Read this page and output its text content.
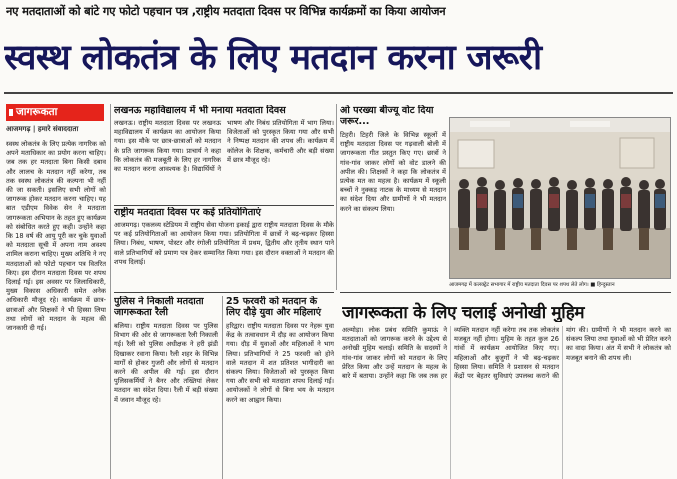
नए मतदाताओं को बांटे गए फोटो पहचान पत्र ,राष्ट्रीय मतदाता दिवस पर विभिन्न कार्यक्रमों का किया आयोजन
स्वस्थ लोकतंत्र के लिए मतदान करना जरूरी
जागरूकता
आजमगढ़ | हमारे संवाददाता
स्वस्थ लोकतंत्र के लिए प्रत्येक नागरिक को अपने मताधिकार का प्रयोग करना चाहिए। जब तक हर मतदाता बिना किसी दबाव और लालच के मतदान नहीं करेगा, तब तक स्वस्थ लोकतंत्र की कल्पना भी नहीं की जा सकती। इसलिए सभी लोगों को जागरूक होकर मतदान करना चाहिए। यह बात एडीएम विवेक सेन ने मतदाता जागरूकता अभियान के तहत हुए कार्यक्रम को संबोधित करते हुए कही। उन्होंने कहा कि 18 वर्ष की आयु पूरी कर चुके युवाओं को मतदाता सूची में अपना नाम अवश्य शामिल कराना चाहिए। मुख्य अतिथि ने नए मतदाताओं को फोटो पहचान पत्र वितरित किए। इस दौरान मतदाता दिवस पर शपथ दिलाई गई। इस अवसर पर जिलाधिकारी, मुख्य विकास अधिकारी समेत अनेक अधिकारी मौजूद रहे। कार्यक्रम में छात्र-छात्राओं और शिक्षकों ने भी हिस्सा लिया तथा लोगों को मतदान के महत्व की जानकारी दी गई।
लखनऊ महाविद्यालय में भी मनाया मतदाता दिवस
लखनऊ। राष्ट्रीय मतदाता दिवस पर लखनऊ महाविद्यालय में कार्यक्रम का आयोजन किया गया। इस मौके पर छात्र-छात्राओं को मतदान के प्रति जागरूक किया गया। प्राचार्य ने कहा कि लोकतंत्र की मजबूती के लिए हर नागरिक का मतदान करना आवश्यक है। विद्यार्थियों ने भाषण और निबंध प्रतियोगिता में भाग लिया। विजेताओं को पुरस्कृत किया गया और सभी ने निष्पक्ष मतदान की शपथ ली। कार्यक्रम में कॉलेज के शिक्षक, कर्मचारी और बड़ी संख्या में छात्र मौजूद रहे।
राष्ट्रीय मतदाता दिवस पर कई प्रतियोगिताएं
आजमगढ़। एकलव्य स्टेडियम में राष्ट्रीय सेवा योजना इकाई द्वारा राष्ट्रीय मतदाता दिवस के मौके पर कई प्रतियोगिताओं का आयोजन किया गया। प्रतियोगिता में छात्रों ने बढ़-चढ़कर हिस्सा लिया। निबंध, भाषण, पोस्टर और रंगोली प्रतियोगिता में प्रथम, द्वितीय और तृतीय स्थान पाने वाले प्रतिभागियों को प्रमाण पत्र देकर सम्मानित किया गया। इस दौरान वक्ताओं ने मतदान की शपथ दिलाई।
पुलिस ने निकाली मतदाता जागरूकता रैली
बलिया। राष्ट्रीय मतदाता दिवस पर पुलिस विभाग की ओर से जागरूकता रैली निकाली गई। रैली को पुलिस अधीक्षक ने हरी झंडी दिखाकर रवाना किया। रैली शहर के विभिन्न मार्गों से होकर गुजरी और लोगों से मतदान करने की अपील की गई। इस दौरान पुलिसकर्मियों ने बैनर और तख्तियां लेकर मतदान का संदेश दिया। रैली में बड़ी संख्या में जवान मौजूद रहे।
25 फरवरी को मतदान के लिए दौड़े युवा और महिलाएं
हरिद्वार। राष्ट्रीय मतदाता दिवस पर नेहरू युवा केंद्र के तत्वावधान में दौड़ का आयोजन किया गया। दौड़ में युवाओं और महिलाओं ने भाग लिया। प्रतिभागियों ने 25 फरवरी को होने वाले मतदान में शत प्रतिशत भागीदारी का संकल्प लिया। विजेताओं को पुरस्कृत किया गया और सभी को मतदाता शपथ दिलाई गई। आयोजकों ने लोगों से बिना भय के मतदान करने का आह्वान किया।
ओ परख्या बीज्यू वोट दिया जरूर...
टिहरी। टिहरी जिले के विभिन्न स्कूलों में राष्ट्रीय मतदाता दिवस पर गढ़वाली बोली में जागरूकता गीत प्रस्तुत किए गए। छात्रों ने गांव-गांव जाकर लोगों को वोट डालने की अपील की। शिक्षकों ने कहा कि लोकतंत्र में प्रत्येक मत का महत्व है। कार्यक्रम में स्कूली बच्चों ने नुक्कड़ नाटक के माध्यम से मतदान का संदेश दिया और ग्रामीणों ने भी मतदान करने का संकल्प लिया।
आजमगढ़ में कलक्ट्रेट सभागार में राष्ट्रीय मतदाता दिवस पर शपथ लेते लोग। ■ हिन्दुस्तान
जागरूकता के लिए चलाई अनोखी मुहिम
अल्मोड़ा। लोक प्रबंध समिति कुमाऊं ने मतदाताओं को जागरूक करने के उद्देश्य से अनोखी मुहिम चलाई। समिति के सदस्यों ने गांव-गांव जाकर लोगों को मतदान के लिए प्रेरित किया और उन्हें मतदान के महत्व के बारे में बताया। उन्होंने कहा कि जब तक हर व्यक्ति मतदान नहीं करेगा तब तक लोकतंत्र मजबूत नहीं होगा। मुहिम के तहत कुल 26 गांवों में कार्यक्रम आयोजित किए गए। महिलाओं और बुजुर्गों ने भी बढ़-चढ़कर हिस्सा लिया। समिति ने प्रशासन से मतदान केंद्रों पर बेहतर सुविधाएं उपलब्ध कराने की मांग की। ग्रामीणों ने भी मतदान करने का संकल्प लिया तथा युवाओं को भी प्रेरित करने का वादा किया। अंत में सभी ने लोकतंत्र को मजबूत बनाने की शपथ ली।
